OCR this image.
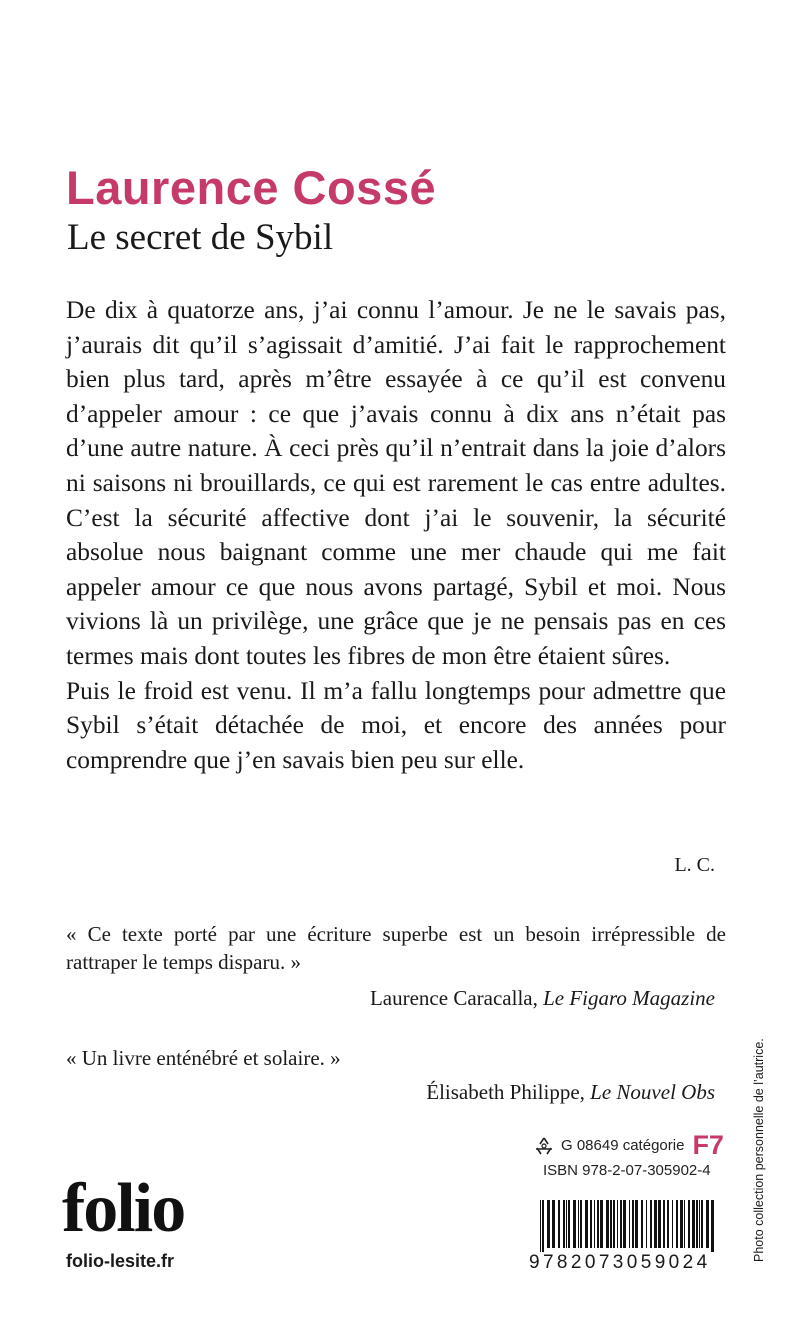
Laurence Cossé
Le secret de Sybil

De dix à quatorze ans, j’ai connu l’amour. Je ne le savais pas, j’aurais dit qu’il s’agissait d’amitié. J’ai fait le rapprochement bien plus tard, après m’être essayée à ce qu’il est convenu d’appeler amour : ce que j’avais connu à dix ans n’était pas d’une autre nature. À ceci près qu’il n’entrait dans la joie d’alors ni saisons ni brouillards, ce qui est rarement le cas entre adultes. C’est la sécurité affective dont j’ai le souvenir, la sécurité absolue nous baignant comme une mer chaude qui me fait appeler amour ce que nous avons partagé, Sybil et moi. Nous vivions là un privilège, une grâce que je ne pensais pas en ces termes mais dont toutes les fibres de mon être étaient sûres.

Puis le froid est venu. Il m’a fallu longtemps pour admettre que Sybil s’était détachée de moi, et encore des années pour comprendre que j’en savais bien peu sur elle.

L. C.
« Ce texte porté par une écriture superbe est un besoin irrépressible de rattraper le temps disparu. »
Laurence Caracalla, Le Figaro Magazine
« Un livre enténébré et solaire. »
Élisabeth Philippe, Le Nouvel Obs
folio
folio-lesite.fr
G 08649
catégorie F7
ISBN 978-2-07-305902-4
9782073059024
Photo collection personnelle de l’autrice.
